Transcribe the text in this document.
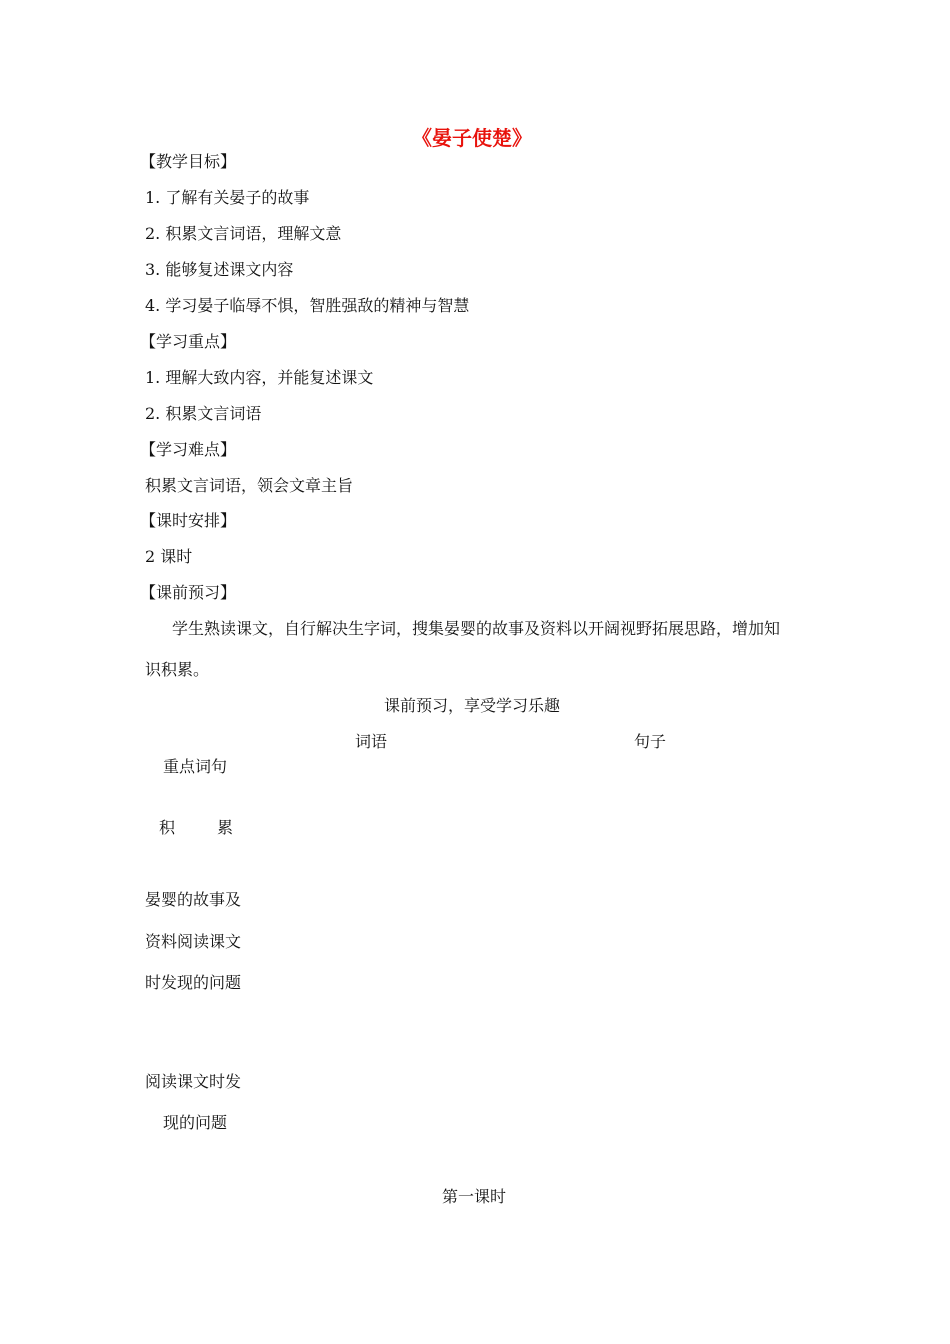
《晏子使楚》
【教学目标】
1. 了解有关晏子的故事
2. 积累文言词语，理解文意
3. 能够复述课文内容
4. 学习晏子临辱不惧，智胜强敌的精神与智慧
【学习重点】
1. 理解大致内容，并能复述课文
2. 积累文言词语
【学习难点】
积累文言词语，领会文章主旨
【课时安排】
2 课时
【课前预习】
学生熟读课文，自行解决生字词，搜集晏婴的故事及资料以开阔视野拓展思路，增加知
识积累。
课前预习，享受学习乐趣
词语	句子
重点词句
积	累
晏婴的故事及
资料阅读课文
时发现的问题
阅读课文时发
现的问题
第一课时
